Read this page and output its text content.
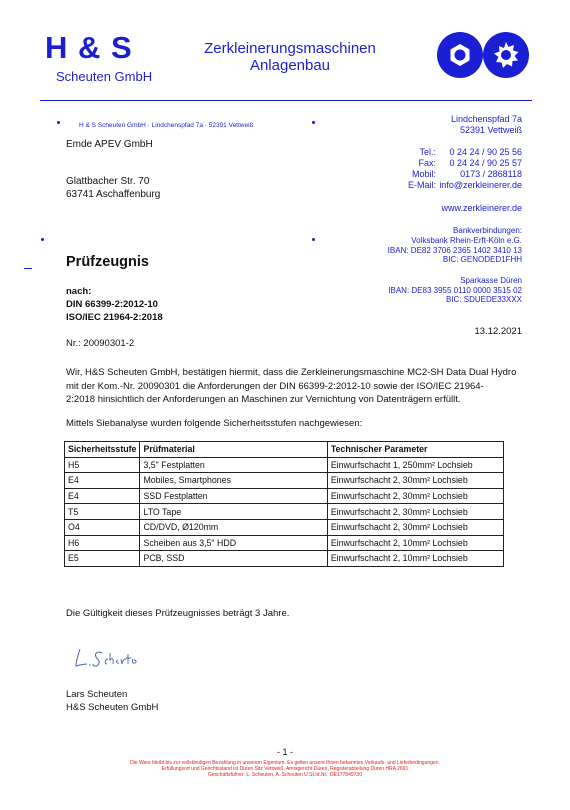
H & S
Scheuten GmbH
Zerkleinerungsmaschinen
Anlagenbau
H & S Scheuten GmbH · Lindchenspfad 7a · 52391 Vettweiß
Emde APEV GmbH
Glattbacher Str. 70
63741 Aschaffenburg
Lindchenspfad 7a
52391 Vettweiß
Tel.: 0 24 24 / 90 25 56
Fax: 0 24 24 / 90 25 57
Mobil:	0173 / 2868118
E-Mail: info@zerkleinerer.de
www.zerkleinerer.de
Bankverbindungen:
Volksbank Rhein-Erft-Köln e.G.
IBAN: DE82 3706 2365 1402 3410 13
BIC: GENODED1FHH
Sparkasse Düren
IBAN: DE83 3955 0110 0000 3515 02
BIC: SDUEDE33XXX
Prüfzeugnis
nach:
DIN 66399-2:2012-10
ISO/IEC 21964-2:2018
13.12.2021
Nr.: 20090301-2
Wir, H&S Scheuten GmbH, bestätigen hiermit, dass die Zerkleinerungsmaschine MC2-SH Data Dual Hydro
mit der Kom.-Nr. 20090301 die Anforderungen der DIN 66399-2:2012-10 sowie der ISO/IEC 21964-
2:2018 hinsichtlich der Anforderungen an Maschinen zur Vernichtung von Datenträgern erfüllt.
Mittels Siebanalyse wurden folgende Sicherheitsstufen nachgewiesen:
Sicherheitsstufe	Prüfmaterial	Technischer Parameter
H5	3,5" Festplatten	Einwurfschacht 1, 250mm² Lochsieb
E4	Mobiles, Smartphones	Einwurfschacht 2, 30mm² Lochsieb
E4	SSD Festplatten	Einwurfschacht 2, 30mm² Lochsieb
T5	LTO Tape	Einwurfschacht 2, 30mm² Lochsieb
O4	CD/DVD, Ø120mm	Einwurfschacht 2, 30mm² Lochsieb
H6	Scheiben aus 3,5" HDD	Einwurfschacht 2, 10mm² Lochsieb
E5	PCB, SSD	Einwurfschacht 2, 10mm² Lochsieb
Die Gültigkeit dieses Prüfzeugnisses beträgt 3 Jahre.
Lars Scheuten
H&S Scheuten GmbH
- 1 -
Die Ware bleibt bis zur vollständigen Bezahlung in unserem Eigentum. Es gelten unsere Ihnen bekannten Verkaufs- und Lieferbedingungen.
Erfüllungsort und Gerichtsstand ist Düren Sitz Vettweiß, Amtsgericht Düren, Registerabteilung Düren HRA 2691
Geschäftsführer: L. Scheuten, A. Scheuten U.St.Id.Nr.: DE177849730
